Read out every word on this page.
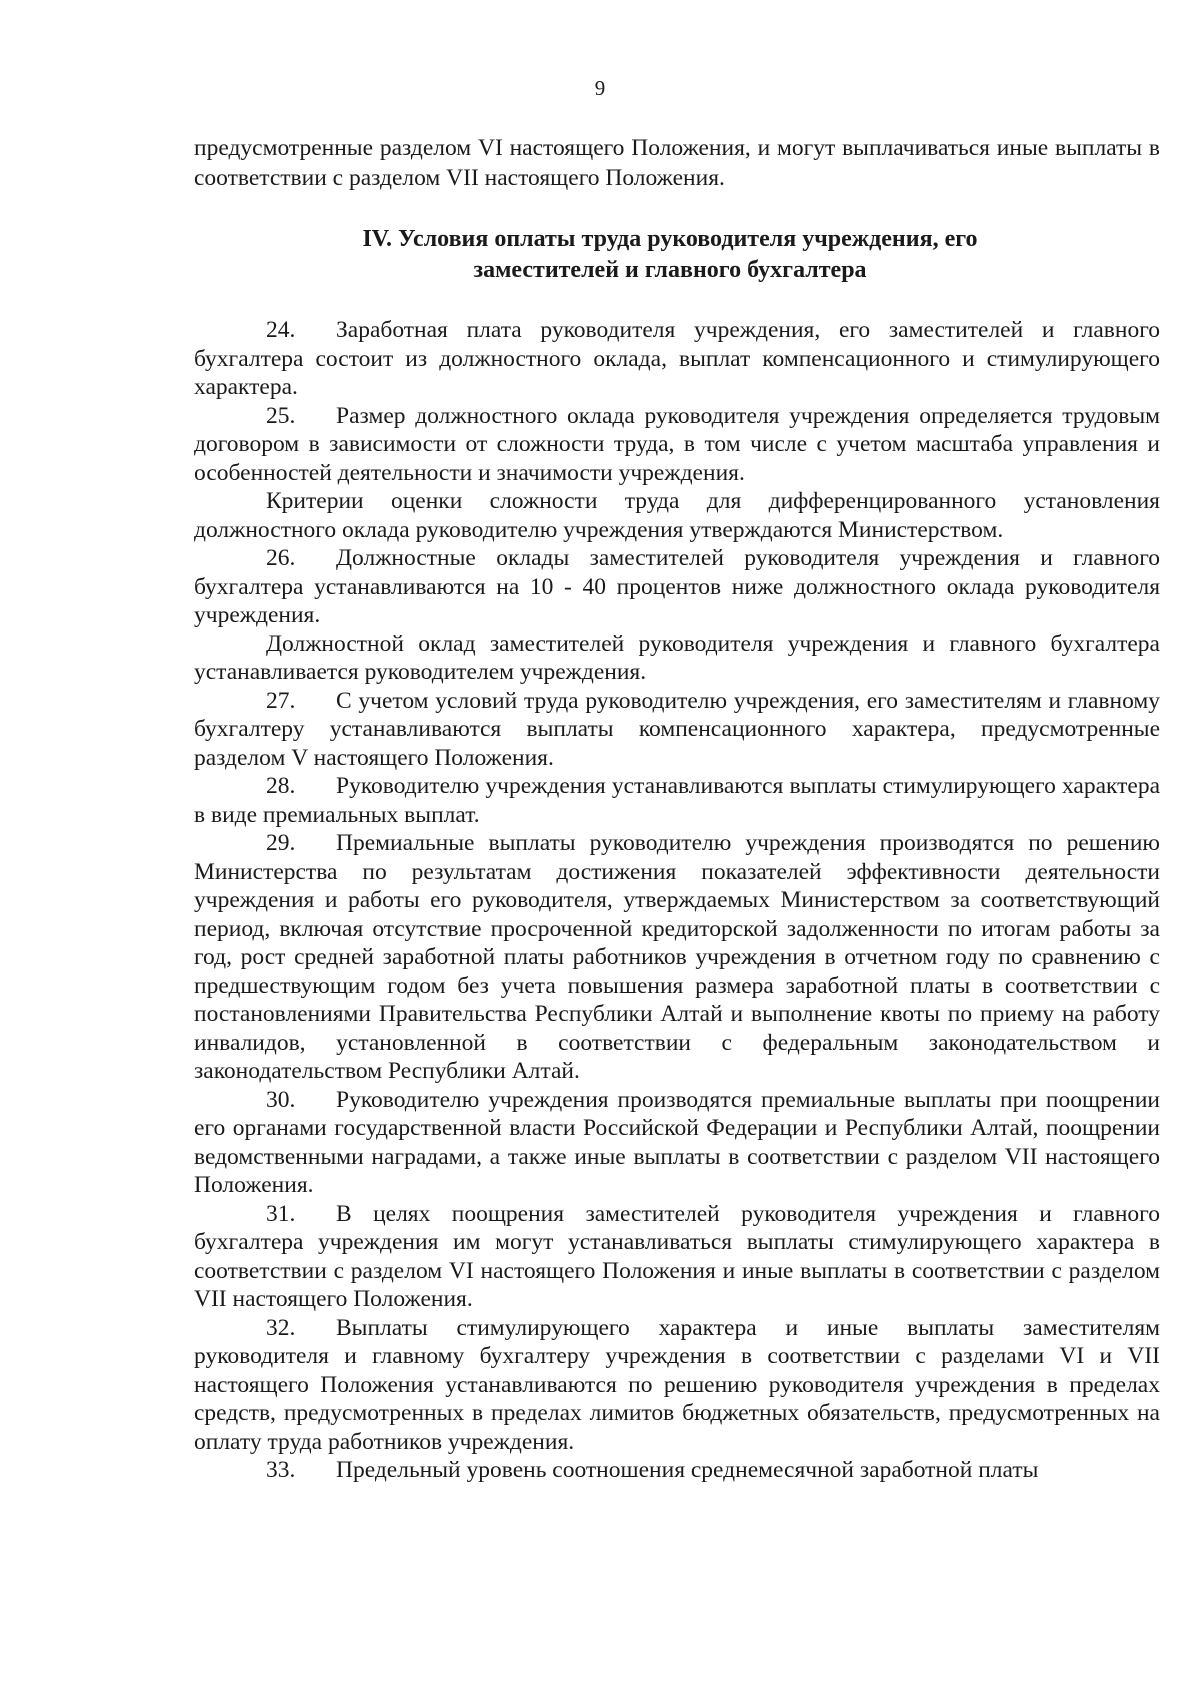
9

предусмотренные разделом VI настоящего Положения, и могут выплачиваться иные выплаты в соответствии с разделом VII настоящего Положения.

IV. Условия оплаты труда руководителя учреждения, его
заместителей и главного бухгалтера

24. Заработная плата руководителя учреждения, его заместителей и главного бухгалтера состоит из должностного оклада, выплат компенсационного и стимулирующего характера.

25. Размер должностного оклада руководителя учреждения определяется трудовым договором в зависимости от сложности труда, в том числе с учетом масштаба управления и особенностей деятельности и значимости учреждения.

Критерии оценки сложности труда для дифференцированного установления должностного оклада руководителю учреждения утверждаются Министерством.

26. Должностные оклады заместителей руководителя учреждения и главного бухгалтера устанавливаются на 10 - 40 процентов ниже должностного оклада руководителя учреждения.

Должностной оклад заместителей руководителя учреждения и главного бухгалтера устанавливается руководителем учреждения.

27. С учетом условий труда руководителю учреждения, его заместителям и главному бухгалтеру устанавливаются выплаты компенсационного характера, предусмотренные разделом V настоящего Положения.

28. Руководителю учреждения устанавливаются выплаты стимулирующего характера в виде премиальных выплат.

29. Премиальные выплаты руководителю учреждения производятся по решению Министерства по результатам достижения показателей эффективности деятельности учреждения и работы его руководителя, утверждаемых Министерством за соответствующий период, включая отсутствие просроченной кредиторской задолженности по итогам работы за год, рост средней заработной платы работников учреждения в отчетном году по сравнению с предшествующим годом без учета повышения размера заработной платы в соответствии с постановлениями Правительства Республики Алтай и выполнение квоты по приему на работу инвалидов, установленной в соответствии с федеральным законодательством и законодательством Республики Алтай.

30. Руководителю учреждения производятся премиальные выплаты при поощрении его органами государственной власти Российской Федерации и Республики Алтай, поощрении ведомственными наградами, а также иные выплаты в соответствии с разделом VII настоящего Положения.

31. В целях поощрения заместителей руководителя учреждения и главного бухгалтера учреждения им могут устанавливаться выплаты стимулирующего характера в соответствии с разделом VI настоящего Положения и иные выплаты в соответствии с разделом VII настоящего Положения.

32. Выплаты стимулирующего характера и иные выплаты заместителям руководителя и главному бухгалтеру учреждения в соответствии с разделами VI и VII настоящего Положения устанавливаются по решению руководителя учреждения в пределах средств, предусмотренных в пределах лимитов бюджетных обязательств, предусмотренных на оплату труда работников учреждения.

33. Предельный уровень соотношения среднемесячной заработной платы
